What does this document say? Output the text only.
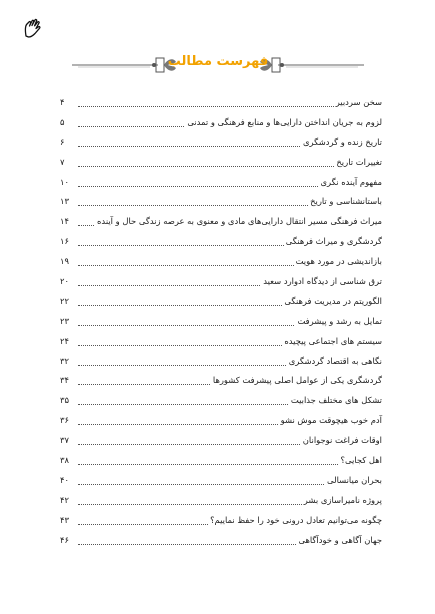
فهرست مطالب
سخن سردبیر
۴
لزوم به جریان انداختن دارایی‌ها و منابع فرهنگی و تمدنی
۵
تاریخ زنده و گردشگری
۶
تغییرات تاریخ
۷
مفهوم آینده نگری
۱۰
باستانشناسی و تاریخ
۱۳
میراث فرهنگی مسیر انتقال دارایی‌های مادی و معنوی به عرصه زندگی حال و آینده
۱۴
گردشگری و میراث فرهنگی
۱۶
بازاندیشی در مورد هویت
۱۹
ترق شناسی از دیدگاه ادوارد سعید
۲۰
الگوریتم در مدیریت فرهنگی
۲۲
تمایل به رشد و پیشرفت
۲۳
سیستم های اجتماعی پیچیده
۲۴
نگاهی به اقتصاد گردشگری
۳۲
گردشگری یکی از عوامل اصلی پیشرفت کشورها
۳۴
تشکل های مختلف جذابیت
۳۵
آدم خوب هیچوقت موش نشو
۳۶
اوقات فراغت نوجوانان
۳۷
اهل کجایی؟
۳۸
بحران میانسالی
۴۰
پروژه نامیراسازی بشر
۴۲
چگونه می‌توانیم تعادل درونی خود را حفظ نماییم؟
۴۳
جهان آگاهی و خودآگاهی
۴۶
